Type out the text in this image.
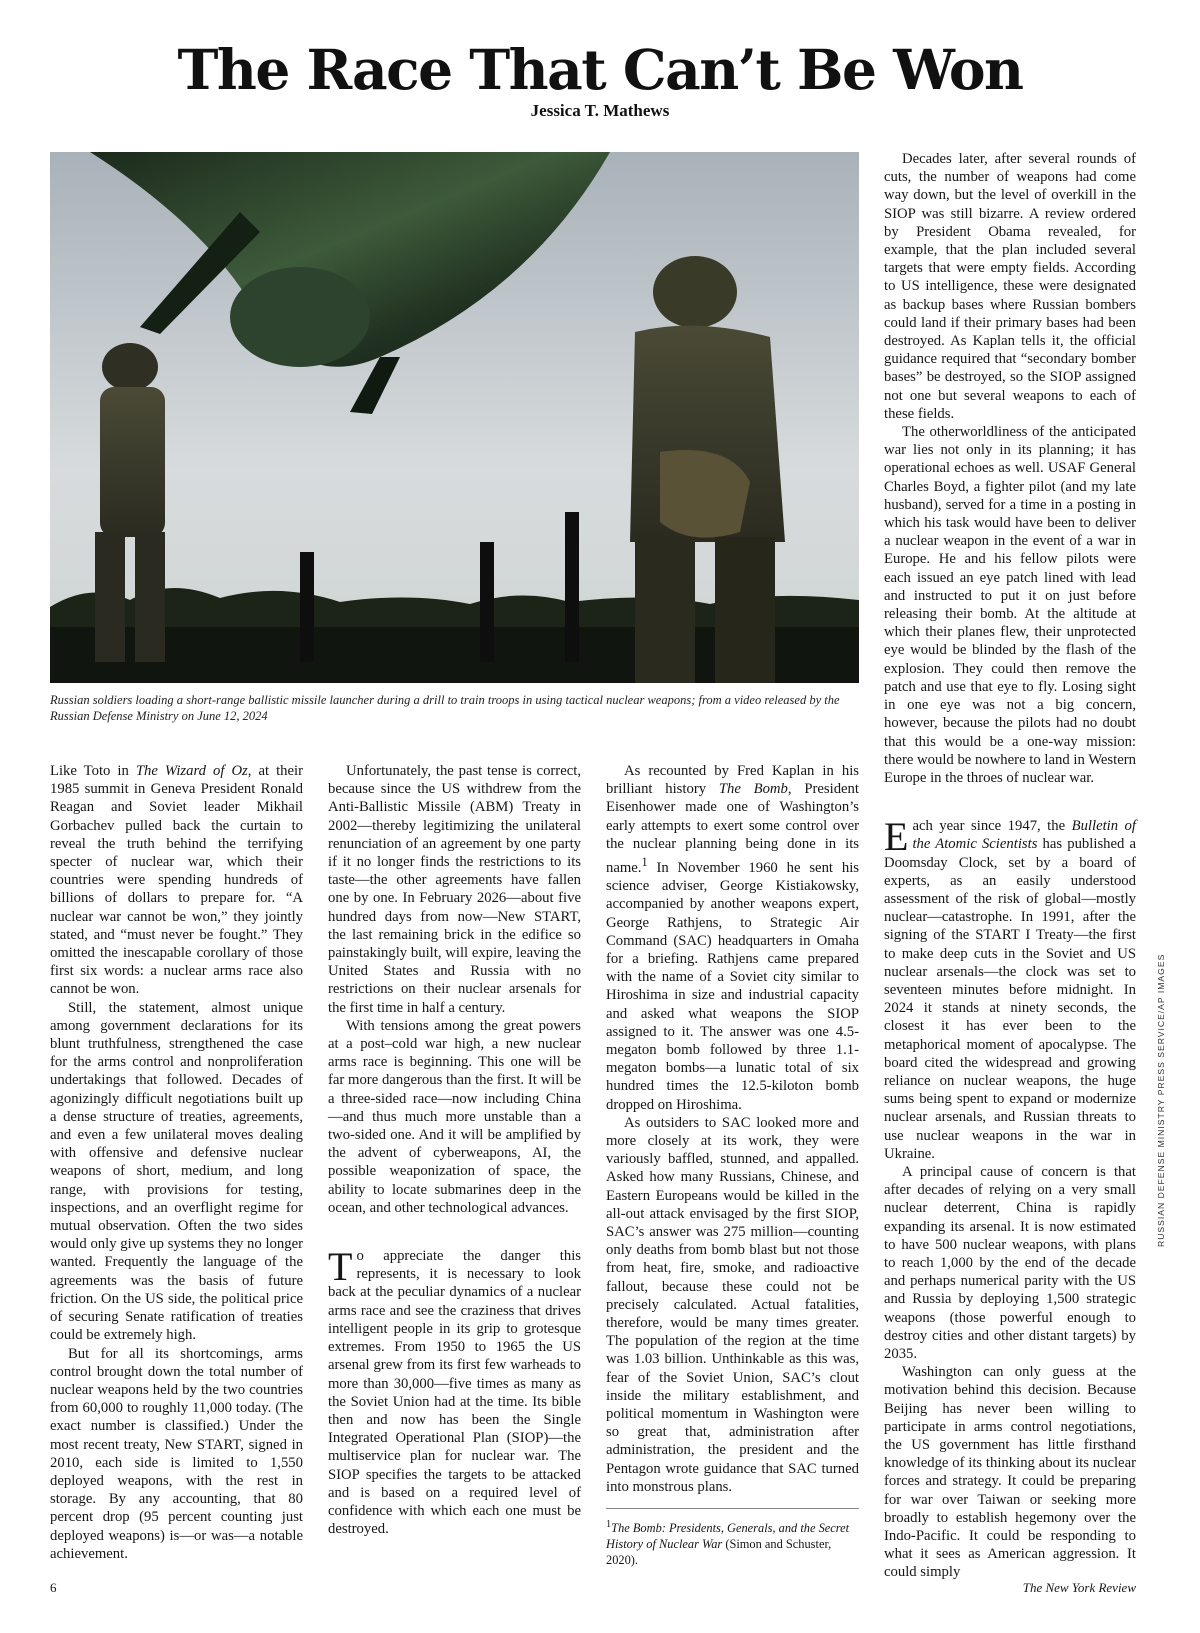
The Race That Can’t Be Won
Jessica T. Mathews
Russian soldiers loading a short-range ballistic missile launcher during a drill to train troops in using tactical nuclear weapons; from a video released by the Russian Defense Ministry on June 12, 2024

Like Toto in The Wizard of Oz, at their 1985 summit in Geneva President Ronald Reagan and Soviet leader Mikhail Gorbachev pulled back the curtain to reveal the truth behind the terrifying specter of nuclear war, which their countries were spending hundreds of billions of dollars to prepare for. “A nuclear war cannot be won,” they jointly stated, and “must never be fought.” They omitted the inescapable corollary of those first six words: a nuclear arms race also cannot be won.

Still, the statement, almost unique among government declarations for its blunt truthfulness, strengthened the case for the arms control and nonproliferation undertakings that followed. Decades of agonizingly difficult negotiations built up a dense structure of treaties, agreements, and even a few unilateral moves dealing with offensive and defensive nuclear weapons of short, medium, and long range, with provisions for testing, inspections, and an overflight regime for mutual observation. Often the two sides would only give up systems they no longer wanted. Frequently the language of the agreements was the basis of future friction. On the US side, the political price of securing Senate ratification of treaties could be extremely high.

But for all its shortcomings, arms control brought down the total number of nuclear weapons held by the two countries from 60,000 to roughly 11,000 today. (The exact number is classified.) Under the most recent treaty, New START, signed in 2010, each side is limited to 1,550 deployed weapons, with the rest in storage. By any accounting, that 80 percent drop (95 percent counting just deployed weapons) is—or was—a notable achievement.

Unfortunately, the past tense is correct, because since the US withdrew from the Anti-Ballistic Missile (ABM) Treaty in 2002—thereby legitimizing the unilateral renunciation of an agreement by one party if it no longer finds the restrictions to its taste—the other agreements have fallen one by one. In February 2026—about five hundred days from now—New START, the last remaining brick in the edifice so painstakingly built, will expire, leaving the United States and Russia with no restrictions on their nuclear arsenals for the first time in half a century.

With tensions among the great powers at a post–cold war high, a new nuclear arms race is beginning. This one will be far more dangerous than the first. It will be a three-sided race—now including China—and thus much more unstable than a two-sided one. And it will be amplified by the advent of cyberweapons, AI, the possible weaponization of space, the ability to locate submarines deep in the ocean, and other technological advances.

To appreciate the danger this represents, it is necessary to look back at the peculiar dynamics of a nuclear arms race and see the craziness that drives intelligent people in its grip to grotesque extremes. From 1950 to 1965 the US arsenal grew from its first few warheads to more than 30,000—five times as many as the Soviet Union had at the time. Its bible then and now has been the Single Integrated Operational Plan (SIOP)—the multiservice plan for nuclear war. The SIOP specifies the targets to be attacked and is based on a required level of confidence with which each one must be destroyed.

As recounted by Fred Kaplan in his brilliant history The Bomb, President Eisenhower made one of Washington’s early attempts to exert some control over the nuclear planning being done in its name.$^1$ In November 1960 he sent his science adviser, George Kistiakowsky, accompanied by another weapons expert, George Rathjens, to Strategic Air Command (SAC) headquarters in Omaha for a briefing. Rathjens came prepared with the name of a Soviet city similar to Hiroshima in size and industrial capacity and asked what weapons the SIOP assigned to it. The answer was one 4.5-megaton bomb followed by three 1.1-megaton bombs—a lunatic total of six hundred times the 12.5-kiloton bomb dropped on Hiroshima.

As outsiders to SAC looked more and more closely at its work, they were variously baffled, stunned, and appalled. Asked how many Russians, Chinese, and Eastern Europeans would be killed in the all-out attack envisaged by the first SIOP, SAC’s answer was 275 million—counting only deaths from bomb blast but not those from heat, fire, smoke, and radioactive fallout, because these could not be precisely calculated. Actual fatalities, therefore, would be many times greater. The population of the region at the time was 1.03 billion. Unthinkable as this was, fear of the Soviet Union, SAC’s clout inside the military establishment, and political momentum in Washington were so great that, administration after administration, the president and the Pentagon wrote guidance that SAC turned into monstrous plans.

$^1$The Bomb: Presidents, Generals, and the Secret History of Nuclear War (Simon and Schuster, 2020).

Decades later, after several rounds of cuts, the number of weapons had come way down, but the level of overkill in the SIOP was still bizarre. A review ordered by President Obama revealed, for example, that the plan included several targets that were empty fields. According to US intelligence, these were designated as backup bases where Russian bombers could land if their primary bases had been destroyed. As Kaplan tells it, the official guidance required that “secondary bomber bases” be destroyed, so the SIOP assigned not one but several weapons to each of these fields.

The otherworldliness of the anticipated war lies not only in its planning; it has operational echoes as well. USAF General Charles Boyd, a fighter pilot (and my late husband), served for a time in a posting in which his task would have been to deliver a nuclear weapon in the event of a war in Europe. He and his fellow pilots were each issued an eye patch lined with lead and instructed to put it on just before releasing their bomb. At the altitude at which their planes flew, their unprotected eye would be blinded by the flash of the explosion. They could then remove the patch and use that eye to fly. Losing sight in one eye was not a big concern, however, because the pilots had no doubt that this would be a one-way mission: there would be nowhere to land in Western Europe in the throes of nuclear war.

Each year since 1947, the Bulletin of the Atomic Scientists has published a Doomsday Clock, set by a board of experts, as an easily understood assessment of the risk of global—mostly nuclear—catastrophe. In 1991, after the signing of the START I Treaty—the first to make deep cuts in the Soviet and US nuclear arsenals—the clock was set to seventeen minutes before midnight. In 2024 it stands at ninety seconds, the closest it has ever been to the metaphorical moment of apocalypse. The board cited the widespread and growing reliance on nuclear weapons, the huge sums being spent to expand or modernize nuclear arsenals, and Russian threats to use nuclear weapons in the war in Ukraine.

A principal cause of concern is that after decades of relying on a very small nuclear deterrent, China is rapidly expanding its arsenal. It is now estimated to have 500 nuclear weapons, with plans to reach 1,000 by the end of the decade and perhaps numerical parity with the US and Russia by deploying 1,500 strategic weapons (those powerful enough to destroy cities and other distant targets) by 2035.

Washington can only guess at the motivation behind this decision. Because Beijing has never been willing to participate in arms control negotiations, the US government has little firsthand knowledge of its thinking about its nuclear forces and strategy. It could be preparing for war over Taiwan or seeking more broadly to establish hegemony over the Indo-Pacific. It could be responding to what it sees as American aggression. It could simply

RUSSIAN DEFENSE MINISTRY PRESS SERVICE/AP IMAGES
6	The New York Review
